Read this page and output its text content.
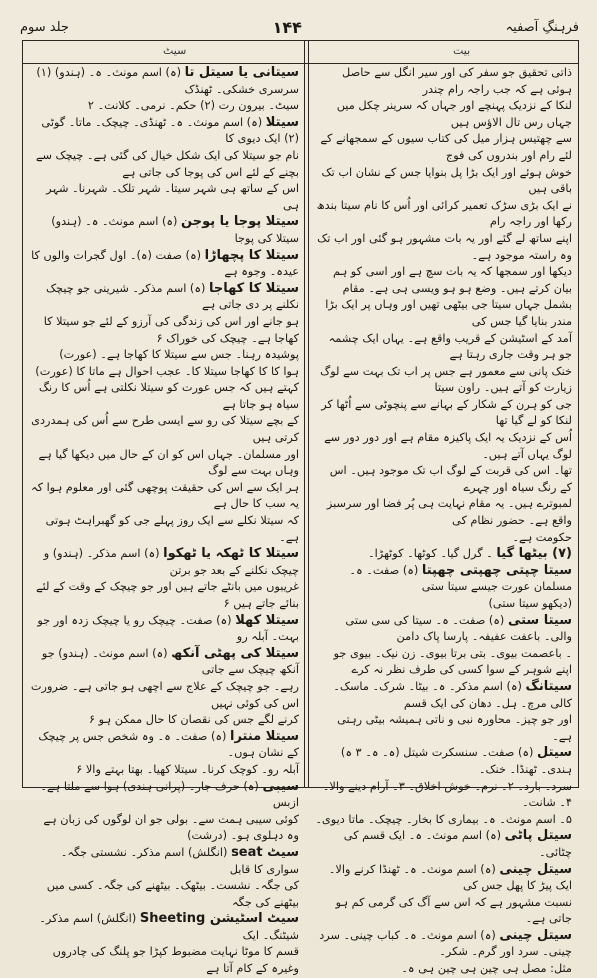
فرہنگِ آصفیہ
۱۴۴
جلد سوم
بیت
سیٹ

ذاتی تحقیق جو سفر کی اور سیر انگل سے حاصل ہوئی ہے کہ جب راجہ رام چندر

لنکا کے نزدیک پہنچے اور جہاں کہ سرینر چکل میں جہاں رس تال الاؤس ہیں

سے چھتیس ہزار میل کی کتاب سیوں کے سمجھانے کے لئے رام اور بندروں کی فوج

خوش ہوئے اور ایک بڑا پل بنوایا جس کے نشان اب تک باقی ہیں

نے ایک بڑی سڑک تعمیر کرائی اور اُس کا نام سیتا بندھ رکھا اور راجہ رام

اپنے ساتھ لے گئے اور یہ بات مشہور ہو گئی اور اب تک وہ راستہ موجود ہے۔

دیکھا اور سمجھا کہ یہ بات سچ ہے اور اسی کو ہم بیان کرتے ہیں۔ وضع ہو ہو ویسی ہی ہے۔ مقام

بشمل جہاں سیتا جی بیٹھی تھیں اور وہاں پر ایک بڑا مندر بنایا گیا جس کی

آمد کے اسٹیشن کے قریب واقع ہے۔ یہاں ایک چشمہ جو ہر وقت جاری رہتا ہے

خنک پانی سے معمور ہے جس پر اب تک بہت سے لوگ زیارت کو آتے ہیں۔ راون سیتا

جی کو ہرن کے شکار کے بہانے سے پنچوٹی سے اُٹھا کر لنکا کو لے گیا تھا

اُس کے نزدیک یہ ایک پاکیزہ مقام ہے اور دور دور سے لوگ یہاں آتے ہیں۔

تھا۔ اس کی قربت کے لوگ اب تک موجود ہیں۔ اس کے رنگ سیاہ اور چہرے

لمبوترے ہیں۔ یہ مقام نہایت ہی پُر فضا اور سرسبز واقع ہے۔ حضور نظام کی

حکومت ہے۔

(۷) بیٹھا گیا ۔ گرل گیا۔ کوٹھا۔ کوٹھڑا۔

سیتا چپتی چھپتی چھپتا (ہ) صفت۔ ہ۔ مسلمان عورت جیسے سیتا ستی

(دیکھو سیتا ستی)

سیتا ستی (ہ) صفت۔ ہ۔ سیتا کی سی ستی والی۔ باعفت عفیفہ۔ پارسا پاک دامن

۔ باعصمت بیوی۔ بتی برتا بیوی۔ زن نیک۔ بیوی جو اپنے شوہر کے سوا کسی کی طرف نظر نہ کرے

سیتانگ (ہ) اسم مذکر۔ ہ۔ بیٹا۔ شرک۔ ماسک۔ کالی مرچ۔ ہل۔ دھان کی ایک قسم

اور جو چیز۔ محاورہ نبی و ناتی ہمیشہ بیٹی رہتی ہے۔

سیتل (ہ) صفت۔ سنسکرت شیتل (ہ۔ ہ۔ ۳ ہ) ہندی۔ ٹھنڈا۔ خنک۔

سرد۔ بارد۔ ۲۔ نرم۔ خوش اخلاق۔ ۳۔ آرام دینے والا۔ ۴۔ شانت۔

۵۔ اسم مونث۔ ہ۔ بیماری کا بخار۔ چیچک۔ ماتا دیوی۔

سیتل پاٹی (ہ) اسم مونث۔ ہ۔ ایک قسم کی چٹائی۔

سیتل چینی (ہ) اسم مونث۔ ہ۔ ٹھنڈا کرنے والا۔ ایک پیڑ کا پھل جس کی

نسبت مشہور ہے کہ اس سے آگ کی گرمی کم ہو جاتی ہے۔

سیتل چینی (ہ) اسم مونث۔ ہ۔ کباب چینی۔ سرد چینی۔ سرد اور گرم۔ شکر۔

مثل: مصل ہی چین ہی چین ہی ہ۔

سیتانی یا سیتل تا (ہ) اسم مونث۔ ہ۔ (ہندو) (۱) سرسری خشکی۔ ٹھنڈک

سیٹ۔ بیرون رت (۲) حکم۔ نرمی۔ کلانت۔ ۲

سیتلا (ہ) اسم مونث۔ ہ۔ ٹھنڈی۔ چیچک۔ ماتا۔ گوٹی (۲) ایک دیوی کا

نام جو سیتلا کی ایک شکل خیال کی گئی ہے۔ چیچک سے بچنے کے لئے اس کی پوجا کی جاتی ہے

اس کے ساتھ ہی شہر سیتا۔ شہر تلک۔ شہرنا۔ شہر ہی

سیتلا پوجا یا پوجن (ہ) اسم مونث۔ ہ۔ (ہندو) سیتلا کی پوجا

سیتلا کا پچھاڑا (ہ) صفت (ہ)۔ اول گجرات والوں کا عیدہ۔ وجوہ ہے

سیتلا کا کھاجا (ہ) اسم مذکر۔ شیرینی جو چیچک نکلنے پر دی جاتی ہے

ہو جانے اور اس کی زندگی کی آرزو کے لئے جو سیتلا کا کھاجا ہے۔ چیچک کی خوراک ۶

پوشیدہ رہنا۔ جس سے سیتلا کا کھاجا ہے۔ (عورت)

ہوا کا کا کھاجا سیتلا کا۔ عجب احوال ہے ماتا کا (عورت)

کہتے ہیں کہ جس عورت کو سیتلا نکلتی ہے اُس کا رنگ سیاہ ہو جاتا ہے

کے بچے سیتلا کی رو سے ایسی طرح سے اُس کی ہمدردی کرتی ہیں

اور مسلمان۔ جہاں اس کو ان کے حال میں دیکھا گیا ہے وہاں بہت سے لوگ

ہر ایک سے اس کی حقیقت پوچھی گئی اور معلوم ہوا کہ یہ سب کا حال ہے

کہ سیتلا نکلے سے ایک روز پہلے جی کو گھبراہٹ ہوتی ہے۔

سیتلا کا ٹھکہ یا ٹھکوا (ہ) اسم مذکر۔ (ہندو) و چیچک نکلنے کے بعد جو برتن

غریبوں میں بانٹے جاتے ہیں اور جو چیچک کے وقت کے لئے بنائے جاتے ہیں ۶

سیتلا کھلا (ہ) صفت۔ چیچک رو یا چیچک زدہ اور جو بہت۔ آبلہ رو

سیتلا کی پھٹی آنکھ (ہ) اسم مونث۔ (ہندو) جو آنکھ چیچک سے جاتی

رہے۔ جو چیچک کے علاج سے اچھی ہو جاتی ہے۔ ضرورت اس کی کوئی نہیں

کرنے لگے جس کی نقصان کا حال ممکن ہو ۶

سیتلا منترا (ہ) صفت۔ ہ۔ وہ شخص جس پر چیچک کے نشان ہوں۔

آبلہ رو۔ کوچک کرنا۔ سیتلا کھیا۔ بھتا بہتے والا ۶

سیبی (ہ) حرف جار۔ (پرانی ہندی) ہوا سے ملتا ہے۔ ازبس

کوئی سیبی ہمت سے۔ بولی جو ان لوگوں کی زبان ہے وہ دہلوی ہو۔ (درشت)

سیٹ seat (انگلش) اسم مذکر۔ نشستی جگہ۔ سواری کا قابل

کی جگہ۔ نشست۔ بیٹھک۔ بیٹھنے کی جگہ۔ کسی میں بیٹھنے کی جگہ

سیٹ اسٹیشن Sheeting (انگلش) اسم مذکر۔ شیٹنگ۔ ایک

قسم کا موٹا نہایت مضبوط کپڑا جو پلنگ کی چادروں وغیرہ کے کام آتا ہے
